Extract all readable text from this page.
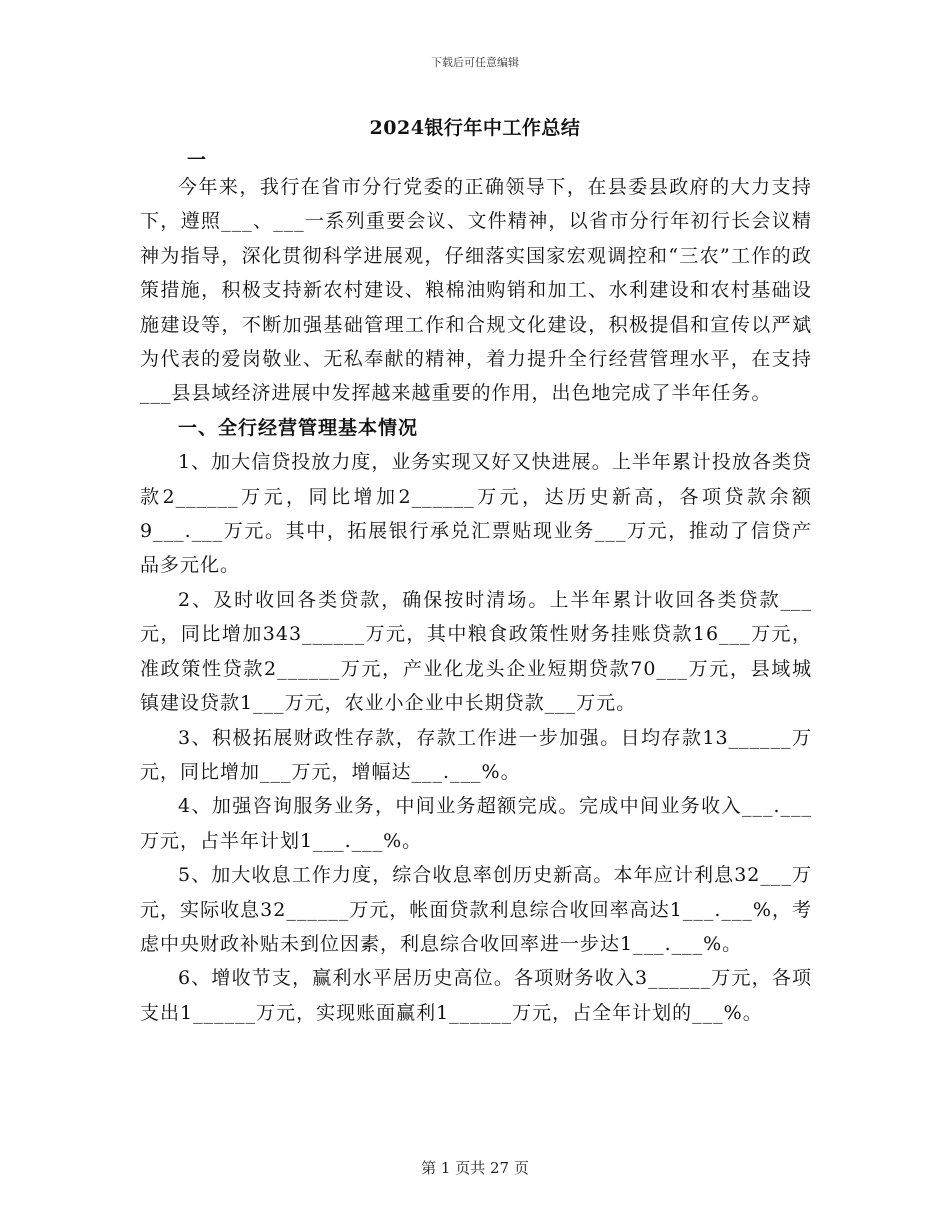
下载后可任意编辑
2024银行年中工作总结
一

今年来，我行在省市分行党委的正确领导下，在县委县政府的大力支持下，遵照___、___一系列重要会议、文件精神，以省市分行年初行长会议精神为指导，深化贯彻科学进展观，仔细落实国家宏观调控和“三农”工作的政策措施，积极支持新农村建设、粮棉油购销和加工、水利建设和农村基础设施建设等，不断加强基础管理工作和合规文化建设，积极提倡和宣传以严斌为代表的爱岗敬业、无私奉献的精神，着力提升全行经营管理水平，在支持___县县域经济进展中发挥越来越重要的作用，出色地完成了半年任务。

一、全行经营管理基本情况

1、加大信贷投放力度，业务实现又好又快进展。上半年累计投放各类贷款2______万元，同比增加2______万元，达历史新高，各项贷款余额9___.___万元。其中，拓展银行承兑汇票贴现业务___万元，推动了信贷产品多元化。

2、及时收回各类贷款，确保按时清场。上半年累计收回各类贷款___元，同比增加343______万元，其中粮食政策性财务挂账贷款16___万元，准政策性贷款2______万元，产业化龙头企业短期贷款70___万元，县域城镇建设贷款1___万元，农业小企业中长期贷款___万元。

3、积极拓展财政性存款，存款工作进一步加强。日均存款13______万元，同比增加___万元，增幅达___.___%。

4、加强咨询服务业务，中间业务超额完成。完成中间业务收入___.___万元，占半年计划1___.___%。

5、加大收息工作力度，综合收息率创历史新高。本年应计利息32___万元，实际收息32______万元，帐面贷款利息综合收回率高达1___.___%，考虑中央财政补贴未到位因素，利息综合收回率进一步达1___.___%。

6、增收节支，赢利水平居历史高位。各项财务收入3______万元，各项支出1______万元，实现账面赢利1______万元，占全年计划的___%。

第 1 页共 27 页
